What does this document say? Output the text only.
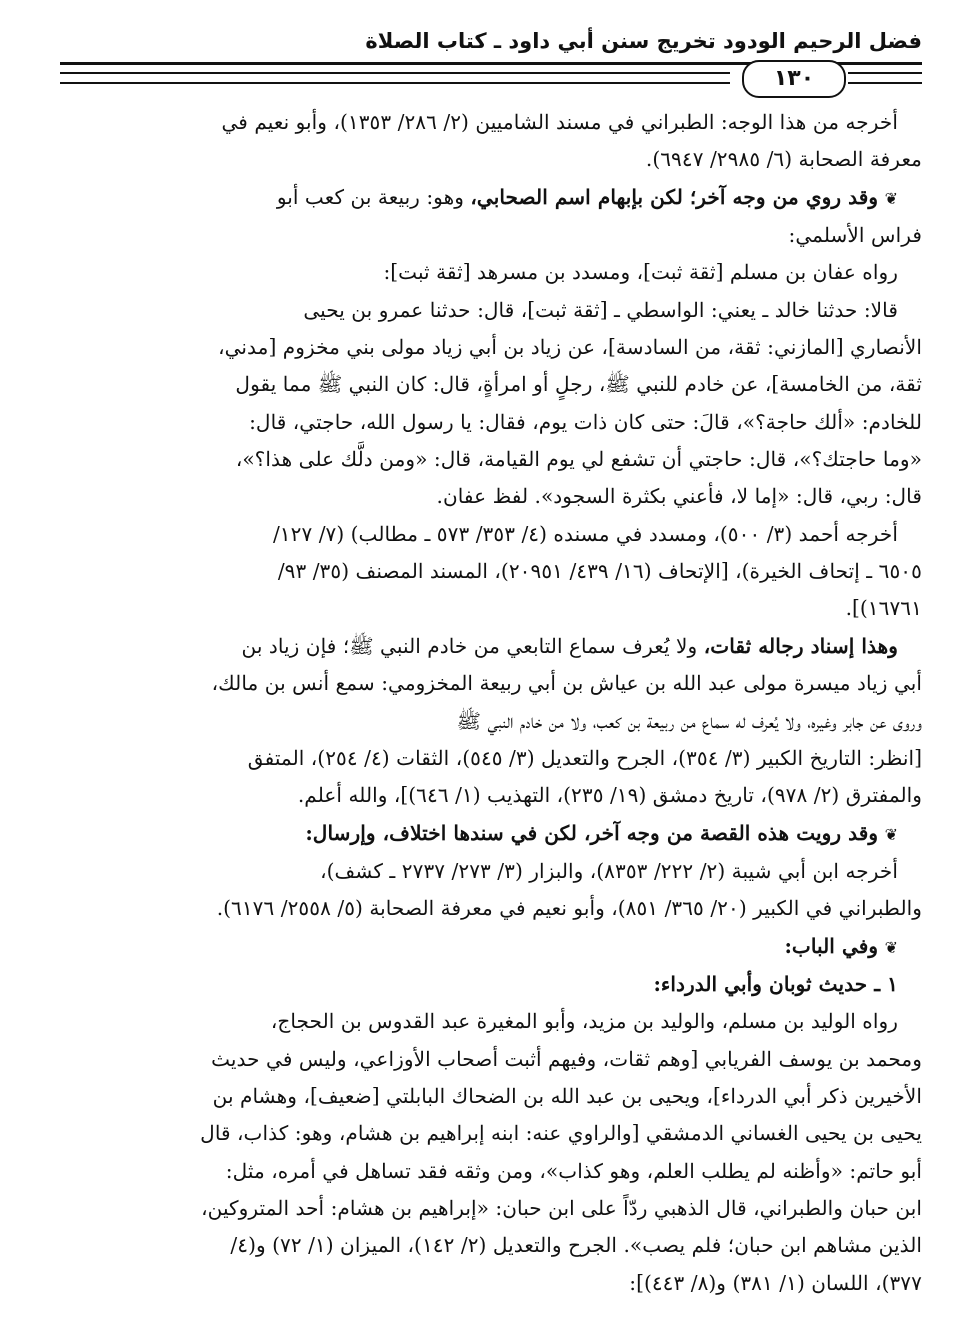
فضل الرحيم الودود تخريج سنن أبي داود ـ كتاب الصلاة
١٣٠

أخرجه من هذا الوجه: الطبراني في مسند الشاميين (٢/ ٢٨٦/ ١٣٥٣)، وأبو نعيم في
معرفة الصحابة (٦/ ٢٩٨٥/ ٦٩٤٧).

❦ وقد روي من وجه آخر؛ لكن بإبهام اسم الصحابي، وهو: ربيعة بن كعب أبو
فراس الأسلمي:

رواه عفان بن مسلم [ثقة ثبت]، ومسدد بن مسرهد [ثقة ثبت]:

قالا: حدثنا خالد ـ يعني: الواسطي ـ [ثقة ثبت]، قال: حدثنا عمرو بن يحيى
الأنصاري [المازني: ثقة، من السادسة]، عن زياد بن أبي زياد مولى بني مخزوم [مدني،
ثقة، من الخامسة]، عن خادم للنبي ﷺ، رجلٍ أو امرأةٍ، قال: كان النبي ﷺ مما يقول
للخادم: «ألك حاجة؟»، قالَ: حتى كان ذات يوم، فقال: يا رسول الله، حاجتي، قال:
«وما حاجتك؟»، قال: حاجتي أن تشفع لي يوم القيامة، قال: «ومن دلَّك على هذا؟»،
قال: ربي، قال: «إما لا، فأعني بكثرة السجود». لفظ عفان.

أخرجه أحمد (٣/ ٥٠٠)، ومسدد في مسنده (٤/ ٣٥٣/ ٥٧٣ ـ مطالب) (٧/ ١٢٧/
٦٥٠٥ ـ إتحاف الخيرة)، [الإتحاف (١٦/ ٤٣٩/ ٢٠٩٥١)، المسند المصنف (٣٥/ ٩٣/
١٦٧٦١)].

وهذا إسناد رجاله ثقات، ولا يُعرف سماع التابعي من خادم النبي ﷺ؛ فإن زياد بن
أبي زياد ميسرة مولى عبد الله بن عياش بن أبي ربيعة المخزومي: سمع أنس بن مالك،
وروى عن جابر وغيره، ولا يُعرف له سماع من ربيعة بن كعب، ولا من خادم النبي ﷺ
[انظر: التاريخ الكبير (٣/ ٣٥٤)، الجرح والتعديل (٣/ ٥٤٥)، الثقات (٤/ ٢٥٤)، المتفق
والمفترق (٢/ ٩٧٨)، تاريخ دمشق (١٩/ ٢٣٥)، التهذيب (١/ ٦٤٦)]، والله أعلم.

❦ وقد رويت هذه القصة من وجه آخر، لكن في سندها اختلاف، وإرسال:

أخرجه ابن أبي شيبة (٢/ ٢٢٢/ ٨٣٥٣)، والبزار (٣/ ٢٧٣/ ٢٧٣٧ ـ كشف)،
والطبراني في الكبير (٢٠/ ٣٦٥/ ٨٥١)، وأبو نعيم في معرفة الصحابة (٥/ ٢٥٥٨/ ٦١٧٦).

❦ وفي الباب:

١ ـ حديث ثوبان وأبي الدرداء:

رواه الوليد بن مسلم، والوليد بن مزيد، وأبو المغيرة عبد القدوس بن الحجاج،
ومحمد بن يوسف الفريابي [وهم ثقات، وفيهم أثبت أصحاب الأوزاعي، وليس في حديث
الأخيرين ذكر أبي الدرداء]، ويحيى بن عبد الله بن الضحاك البابلتي [ضعيف]، وهشام بن
يحيى بن يحيى الغساني الدمشقي [والراوي عنه: ابنه إبراهيم بن هشام، وهو: كذاب، قال
أبو حاتم: «وأظنه لم يطلب العلم، وهو كذاب»، ومن وثقه فقد تساهل في أمره، مثل:
ابن حبان والطبراني، قال الذهبي ردّاً على ابن حبان: «إبراهيم بن هشام: أحد المتروكين،
الذين مشاهم ابن حبان؛ فلم يصب». الجرح والتعديل (٢/ ١٤٢)، الميزان (١/ ٧٢) و(٤/
٣٧٧)، اللسان (١/ ٣٨١) و(٨/ ٤٤٣)]:
